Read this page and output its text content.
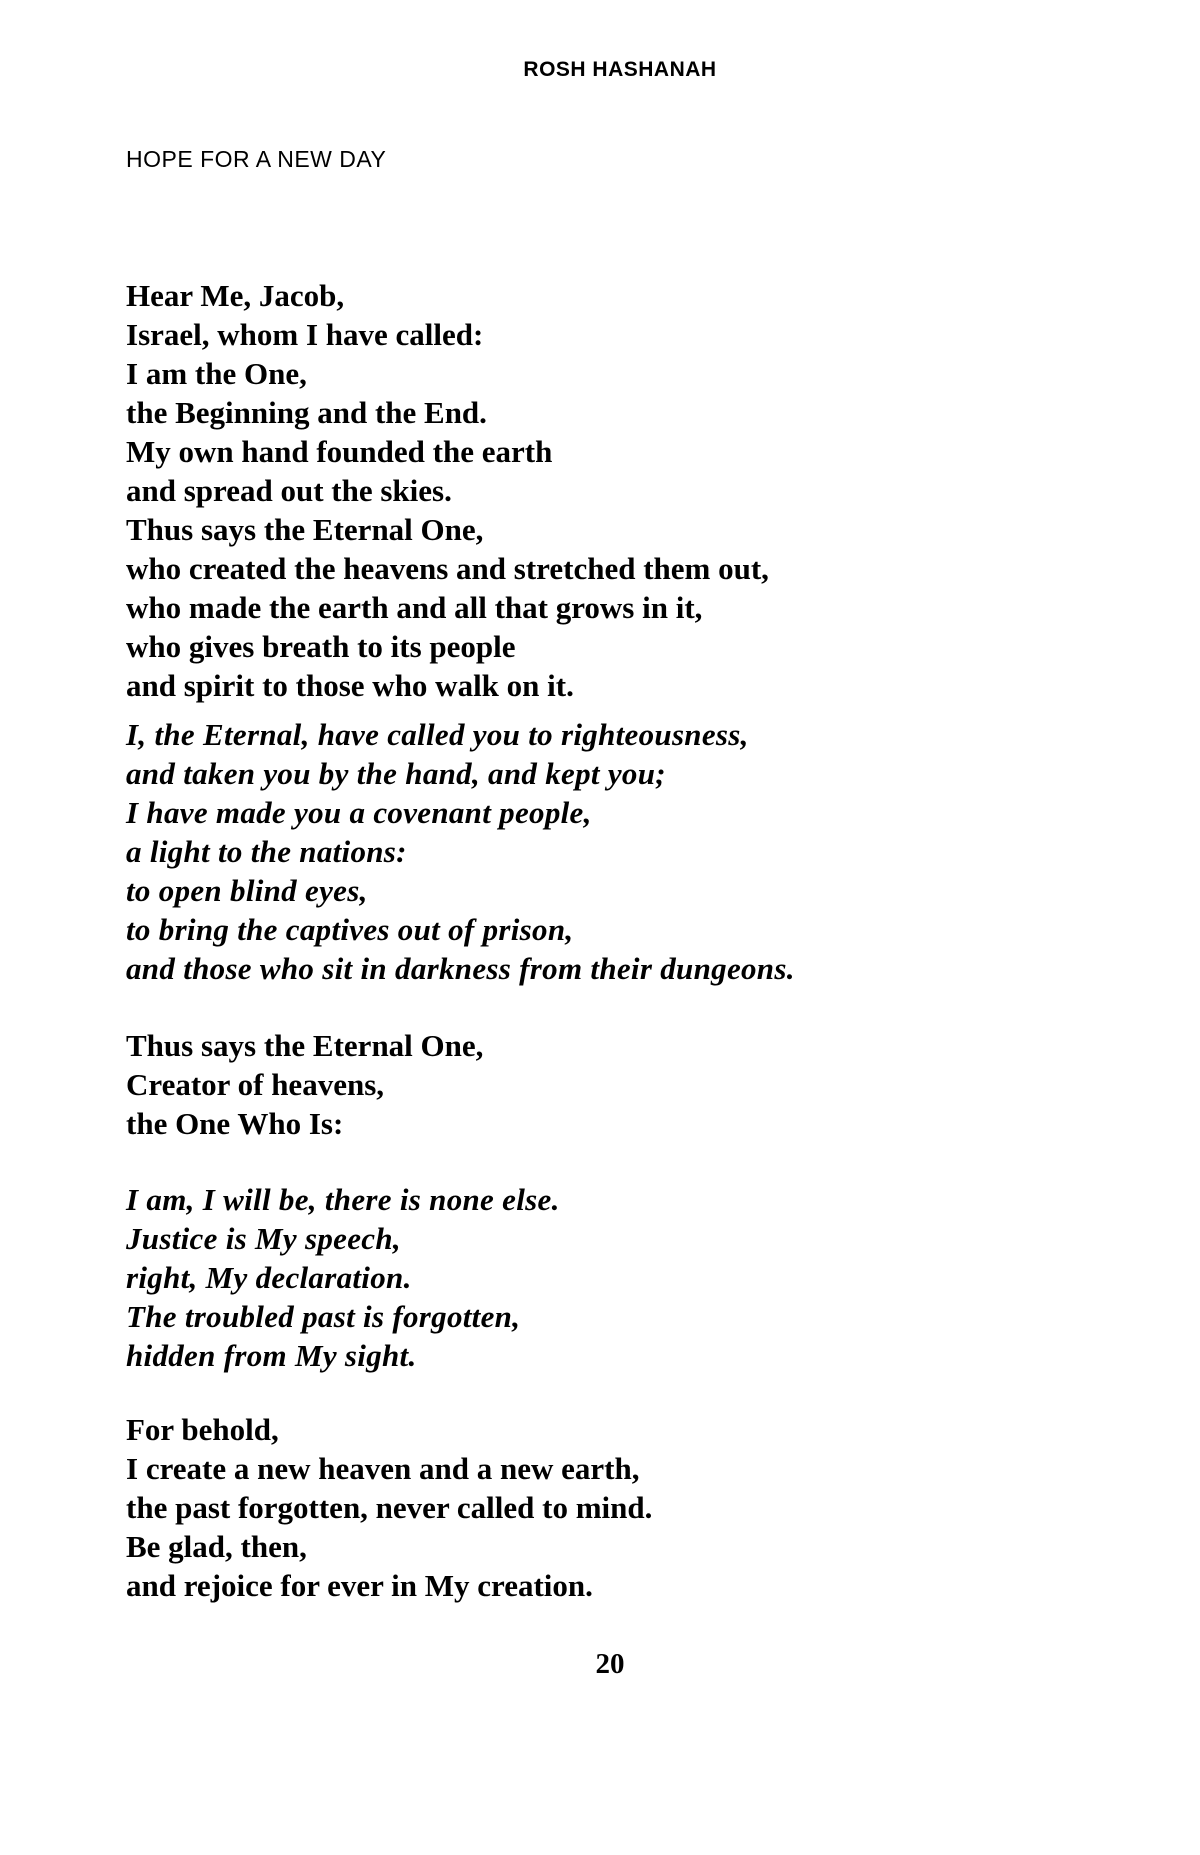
ROSH HASHANAH
HOPE FOR A NEW DAY
Hear Me, Jacob,
Israel, whom I have called:
I am the One,
the Beginning and the End.
My own hand founded the earth
and spread out the skies.
Thus says the Eternal One,
who created the heavens and stretched them out,
who made the earth and all that grows in it,
who gives breath to its people
and spirit to those who walk on it.
I, the Eternal, have called you to righteousness,
and taken you by the hand, and kept you;
I have made you a covenant people,
a light to the nations:
to open blind eyes,
to bring the captives out of prison,
and those who sit in darkness from their dungeons.
Thus says the Eternal One,
Creator of heavens,
the One Who Is:
I am, I will be, there is none else.
Justice is My speech,
right, My declaration.
The troubled past is forgotten,
hidden from My sight.
For behold,
I create a new heaven and a new earth,
the past forgotten, never called to mind.
Be glad, then,
and rejoice for ever in My creation.
20
